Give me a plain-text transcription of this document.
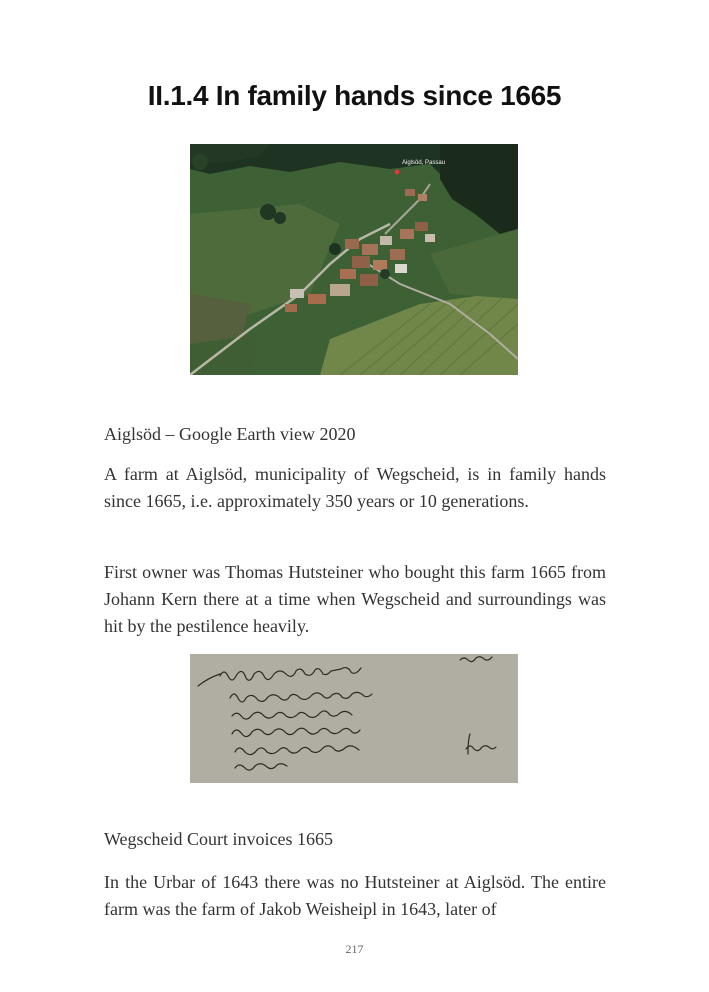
II.1.4 In family hands since 1665
Aiglsöd, Passau
Aiglsöd – Google Earth view 2020
A farm at Aiglsöd, municipality of Wegscheid, is in family hands since 1665, i.e. approximately 350 years or 10 generations.
First owner was Thomas Hutsteiner who bought this farm 1665 from Johann Kern there at a time when Wegscheid and surroundings was hit by the pestilence heavily.
Wegscheid Court invoices 1665
In the Urbar of 1643 there was no Hutsteiner at Aiglsöd. The entire farm was the farm of Jakob Weisheipl in 1643, later of
217
